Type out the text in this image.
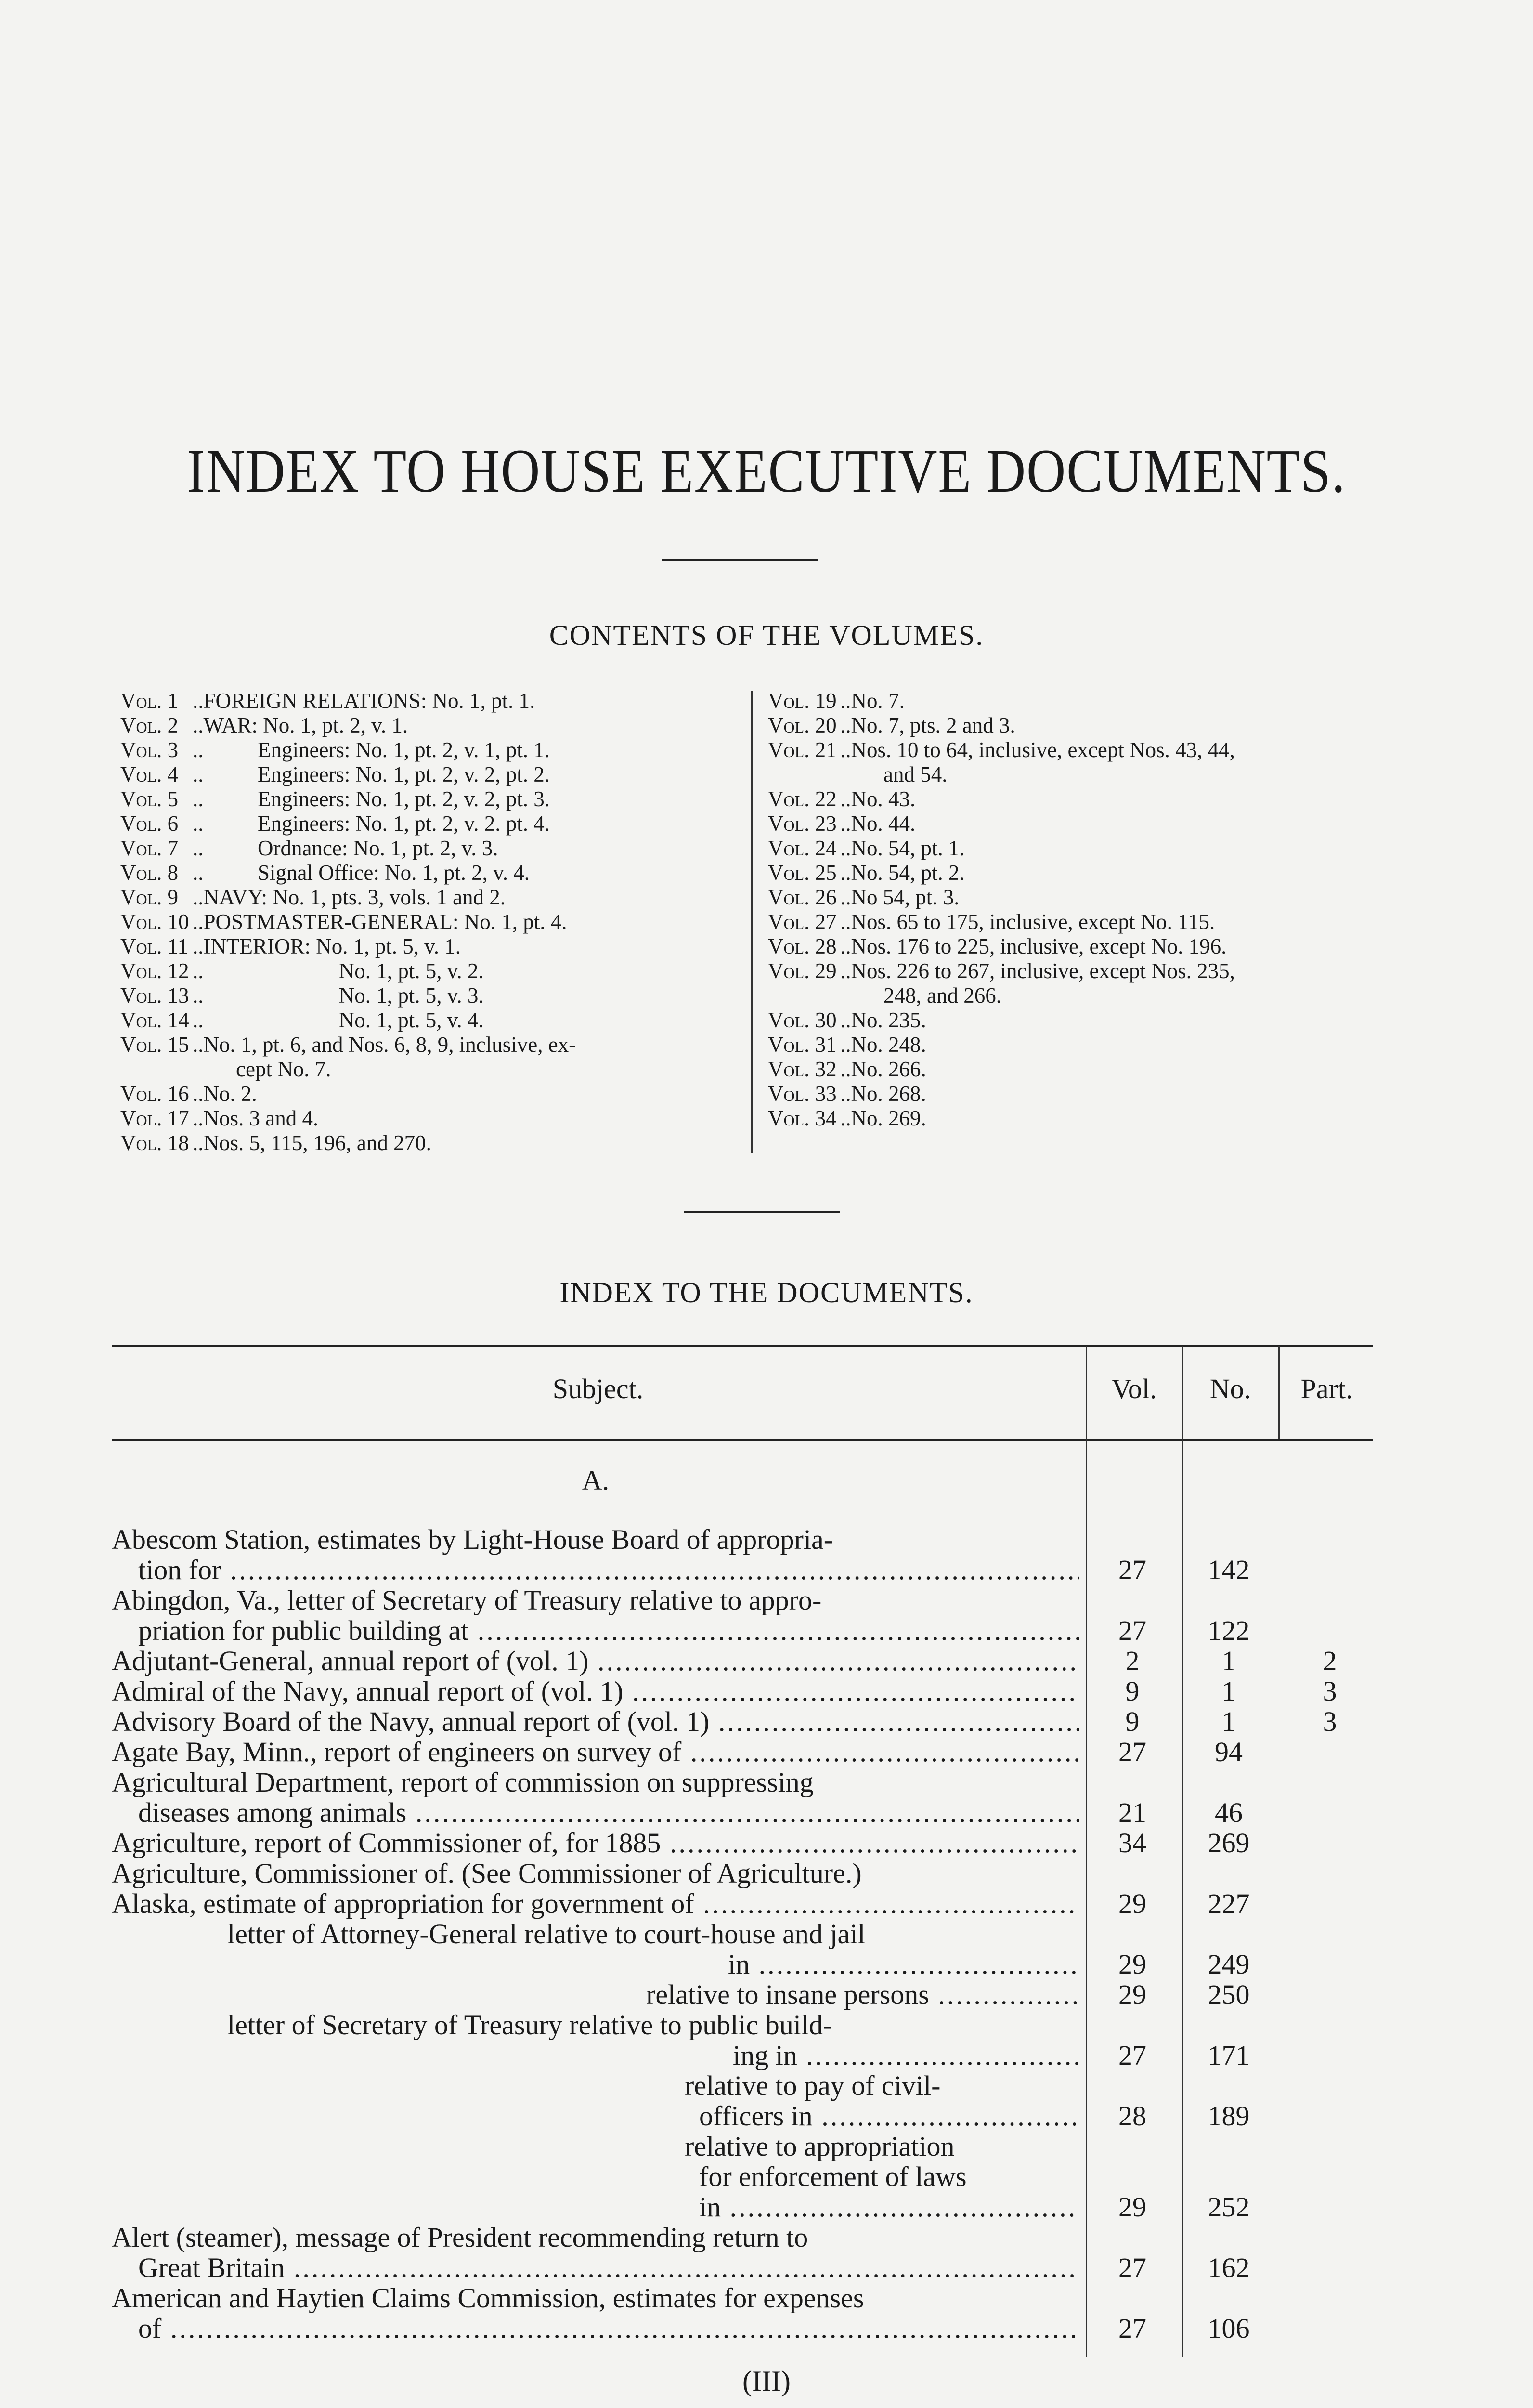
INDEX TO HOUSE EXECUTIVE DOCUMENTS.
CONTENTS OF THE VOLUMES.
Vol. 1 ..FOREIGN RELATIONS: No. 1, pt. 1.
Vol. 2 ..WAR: No. 1, pt. 2, v. 1.
Vol. 3 ..          Engineers: No. 1, pt. 2, v. 1, pt. 1.
Vol. 4 ..          Engineers: No. 1, pt. 2, v. 2, pt. 2.
Vol. 5 ..          Engineers: No. 1, pt. 2, v. 2, pt. 3.
Vol. 6 ..          Engineers: No. 1, pt. 2, v. 2. pt. 4.
Vol. 7 ..          Ordnance: No. 1, pt. 2, v. 3.
Vol. 8 ..          Signal Office: No. 1, pt. 2, v. 4.
Vol. 9 ..NAVY: No. 1, pts. 3, vols. 1 and 2.
Vol. 10 ..POSTMASTER-GENERAL: No. 1, pt. 4.
Vol. 11 ..INTERIOR: No. 1, pt. 5, v. 1.
Vol. 12 ..                         No. 1, pt. 5, v. 2.
Vol. 13 ..                         No. 1, pt. 5, v. 3.
Vol. 14 ..                         No. 1, pt. 5, v. 4.
Vol. 15 ..No. 1, pt. 6, and Nos. 6, 8, 9, inclusive, ex-
cept No. 7.
Vol. 16 ..No. 2.
Vol. 17 ..Nos. 3 and 4.
Vol. 18 ..Nos. 5, 115, 196, and 270.
Vol. 19 ..No. 7.
Vol. 20 ..No. 7, pts. 2 and 3.
Vol. 21 ..Nos. 10 to 64, inclusive, except Nos. 43, 44,
and 54.
Vol. 22 ..No. 43.
Vol. 23 ..No. 44.
Vol. 24 ..No. 54, pt. 1.
Vol. 25 ..No. 54, pt. 2.
Vol. 26 ..No 54, pt. 3.
Vol. 27 ..Nos. 65 to 175, inclusive, except No. 115.
Vol. 28 ..Nos. 176 to 225, inclusive, except No. 196.
Vol. 29 ..Nos. 226 to 267, inclusive, except Nos. 235,
248, and 266.
Vol. 30 ..No. 235.
Vol. 31 ..No. 248.
Vol. 32 ..No. 266.
Vol. 33 ..No. 268.
Vol. 34 ..No. 269.
INDEX TO THE DOCUMENTS.
Subject.	Vol.	No.	Part.
A.
Abescom Station, estimates by Light-House Board of appropria-
tion for .....	27	142
Abingdon, Va., letter of Secretary of Treasury relative to appro-
priation for public building at .....	27	122
Adjutant-General, annual report of (vol. 1) .....	2	1	2
Admiral of the Navy, annual report of (vol. 1) .....	9	1	3
Advisory Board of the Navy, annual report of (vol. 1) .....	9	1	3
Agate Bay, Minn., report of engineers on survey of .....	27	94
Agricultural Department, report of commission on suppressing
diseases among animals .....	21	46
Agriculture, report of Commissioner of, for 1885 .....	34	269
Agriculture, Commissioner of. (See Commissioner of Agriculture.)
Alaska, estimate of appropriation for government of .....	29	227
letter of Attorney-General relative to court-house and jail
in .....	29	249
relative to insane persons .....	29	250
letter of Secretary of Treasury relative to public build-
ing in .....	27	171
relative to pay of civil-
officers in .....	28	189
relative to appropriation
for enforcement of laws
in .....	29	252
Alert (steamer), message of President recommending return to
Great Britain .....	27	162
American and Haytien Claims Commission, estimates for expenses
of .....	27	106
(III)
